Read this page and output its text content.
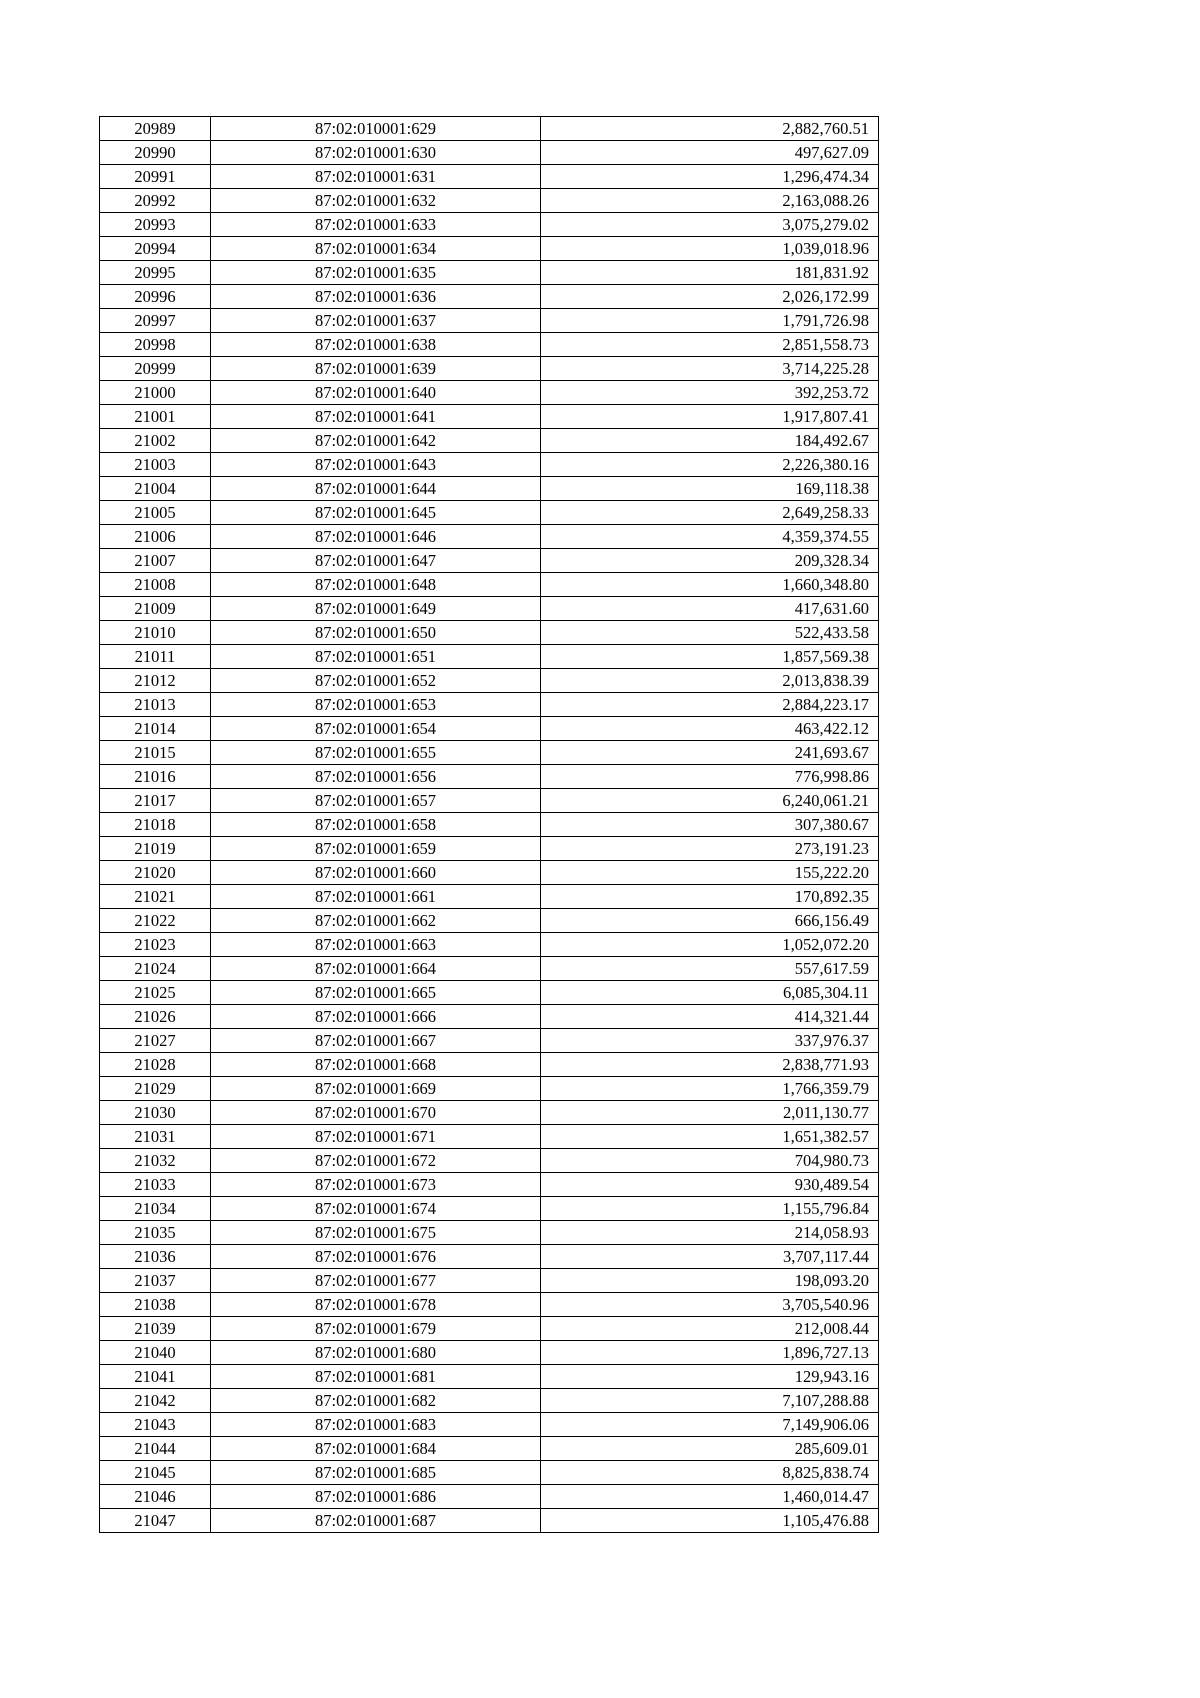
20989	87:02:010001:629	2,882,760.51
20990	87:02:010001:630	497,627.09
20991	87:02:010001:631	1,296,474.34
20992	87:02:010001:632	2,163,088.26
20993	87:02:010001:633	3,075,279.02
20994	87:02:010001:634	1,039,018.96
20995	87:02:010001:635	181,831.92
20996	87:02:010001:636	2,026,172.99
20997	87:02:010001:637	1,791,726.98
20998	87:02:010001:638	2,851,558.73
20999	87:02:010001:639	3,714,225.28
21000	87:02:010001:640	392,253.72
21001	87:02:010001:641	1,917,807.41
21002	87:02:010001:642	184,492.67
21003	87:02:010001:643	2,226,380.16
21004	87:02:010001:644	169,118.38
21005	87:02:010001:645	2,649,258.33
21006	87:02:010001:646	4,359,374.55
21007	87:02:010001:647	209,328.34
21008	87:02:010001:648	1,660,348.80
21009	87:02:010001:649	417,631.60
21010	87:02:010001:650	522,433.58
21011	87:02:010001:651	1,857,569.38
21012	87:02:010001:652	2,013,838.39
21013	87:02:010001:653	2,884,223.17
21014	87:02:010001:654	463,422.12
21015	87:02:010001:655	241,693.67
21016	87:02:010001:656	776,998.86
21017	87:02:010001:657	6,240,061.21
21018	87:02:010001:658	307,380.67
21019	87:02:010001:659	273,191.23
21020	87:02:010001:660	155,222.20
21021	87:02:010001:661	170,892.35
21022	87:02:010001:662	666,156.49
21023	87:02:010001:663	1,052,072.20
21024	87:02:010001:664	557,617.59
21025	87:02:010001:665	6,085,304.11
21026	87:02:010001:666	414,321.44
21027	87:02:010001:667	337,976.37
21028	87:02:010001:668	2,838,771.93
21029	87:02:010001:669	1,766,359.79
21030	87:02:010001:670	2,011,130.77
21031	87:02:010001:671	1,651,382.57
21032	87:02:010001:672	704,980.73
21033	87:02:010001:673	930,489.54
21034	87:02:010001:674	1,155,796.84
21035	87:02:010001:675	214,058.93
21036	87:02:010001:676	3,707,117.44
21037	87:02:010001:677	198,093.20
21038	87:02:010001:678	3,705,540.96
21039	87:02:010001:679	212,008.44
21040	87:02:010001:680	1,896,727.13
21041	87:02:010001:681	129,943.16
21042	87:02:010001:682	7,107,288.88
21043	87:02:010001:683	7,149,906.06
21044	87:02:010001:684	285,609.01
21045	87:02:010001:685	8,825,838.74
21046	87:02:010001:686	1,460,014.47
21047	87:02:010001:687	1,105,476.88
